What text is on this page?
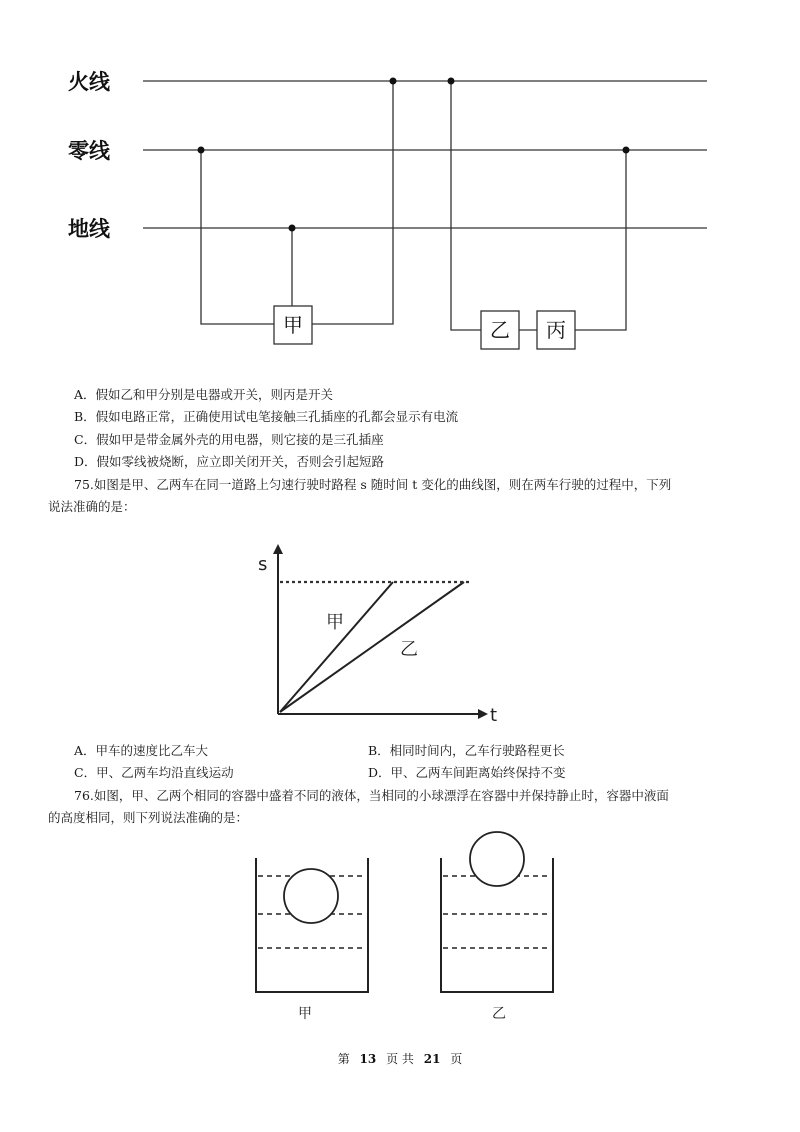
火线
零线
地线
甲	乙 丙
A．假如乙和甲分别是电器或开关，则丙是开关
B．假如电路正常，正确使用试电笔接触三孔插座的孔都会显示有电流
C．假如甲是带金属外壳的用电器，则它接的是三孔插座
D．假如零线被烧断，应立即关闭开关，否则会引起短路
75.如图是甲、乙两车在同一道路上匀速行驶时路程 s 随时间 t 变化的曲线图，则在两车行驶的过程中，下列
说法准确的是：
s
t
甲
乙
A．甲车的速度比乙车大	B．相同时间内，乙车行驶路程更长
C．甲、乙两车均沿直线运动	D．甲、乙两车间距离始终保持不变
76.如图，甲、乙两个相同的容器中盛着不同的液体，当相同的小球漂浮在容器中并保持静止时，容器中液面
的高度相同，则下列说法准确的是：
甲	乙
第 13 页 共 21 页
